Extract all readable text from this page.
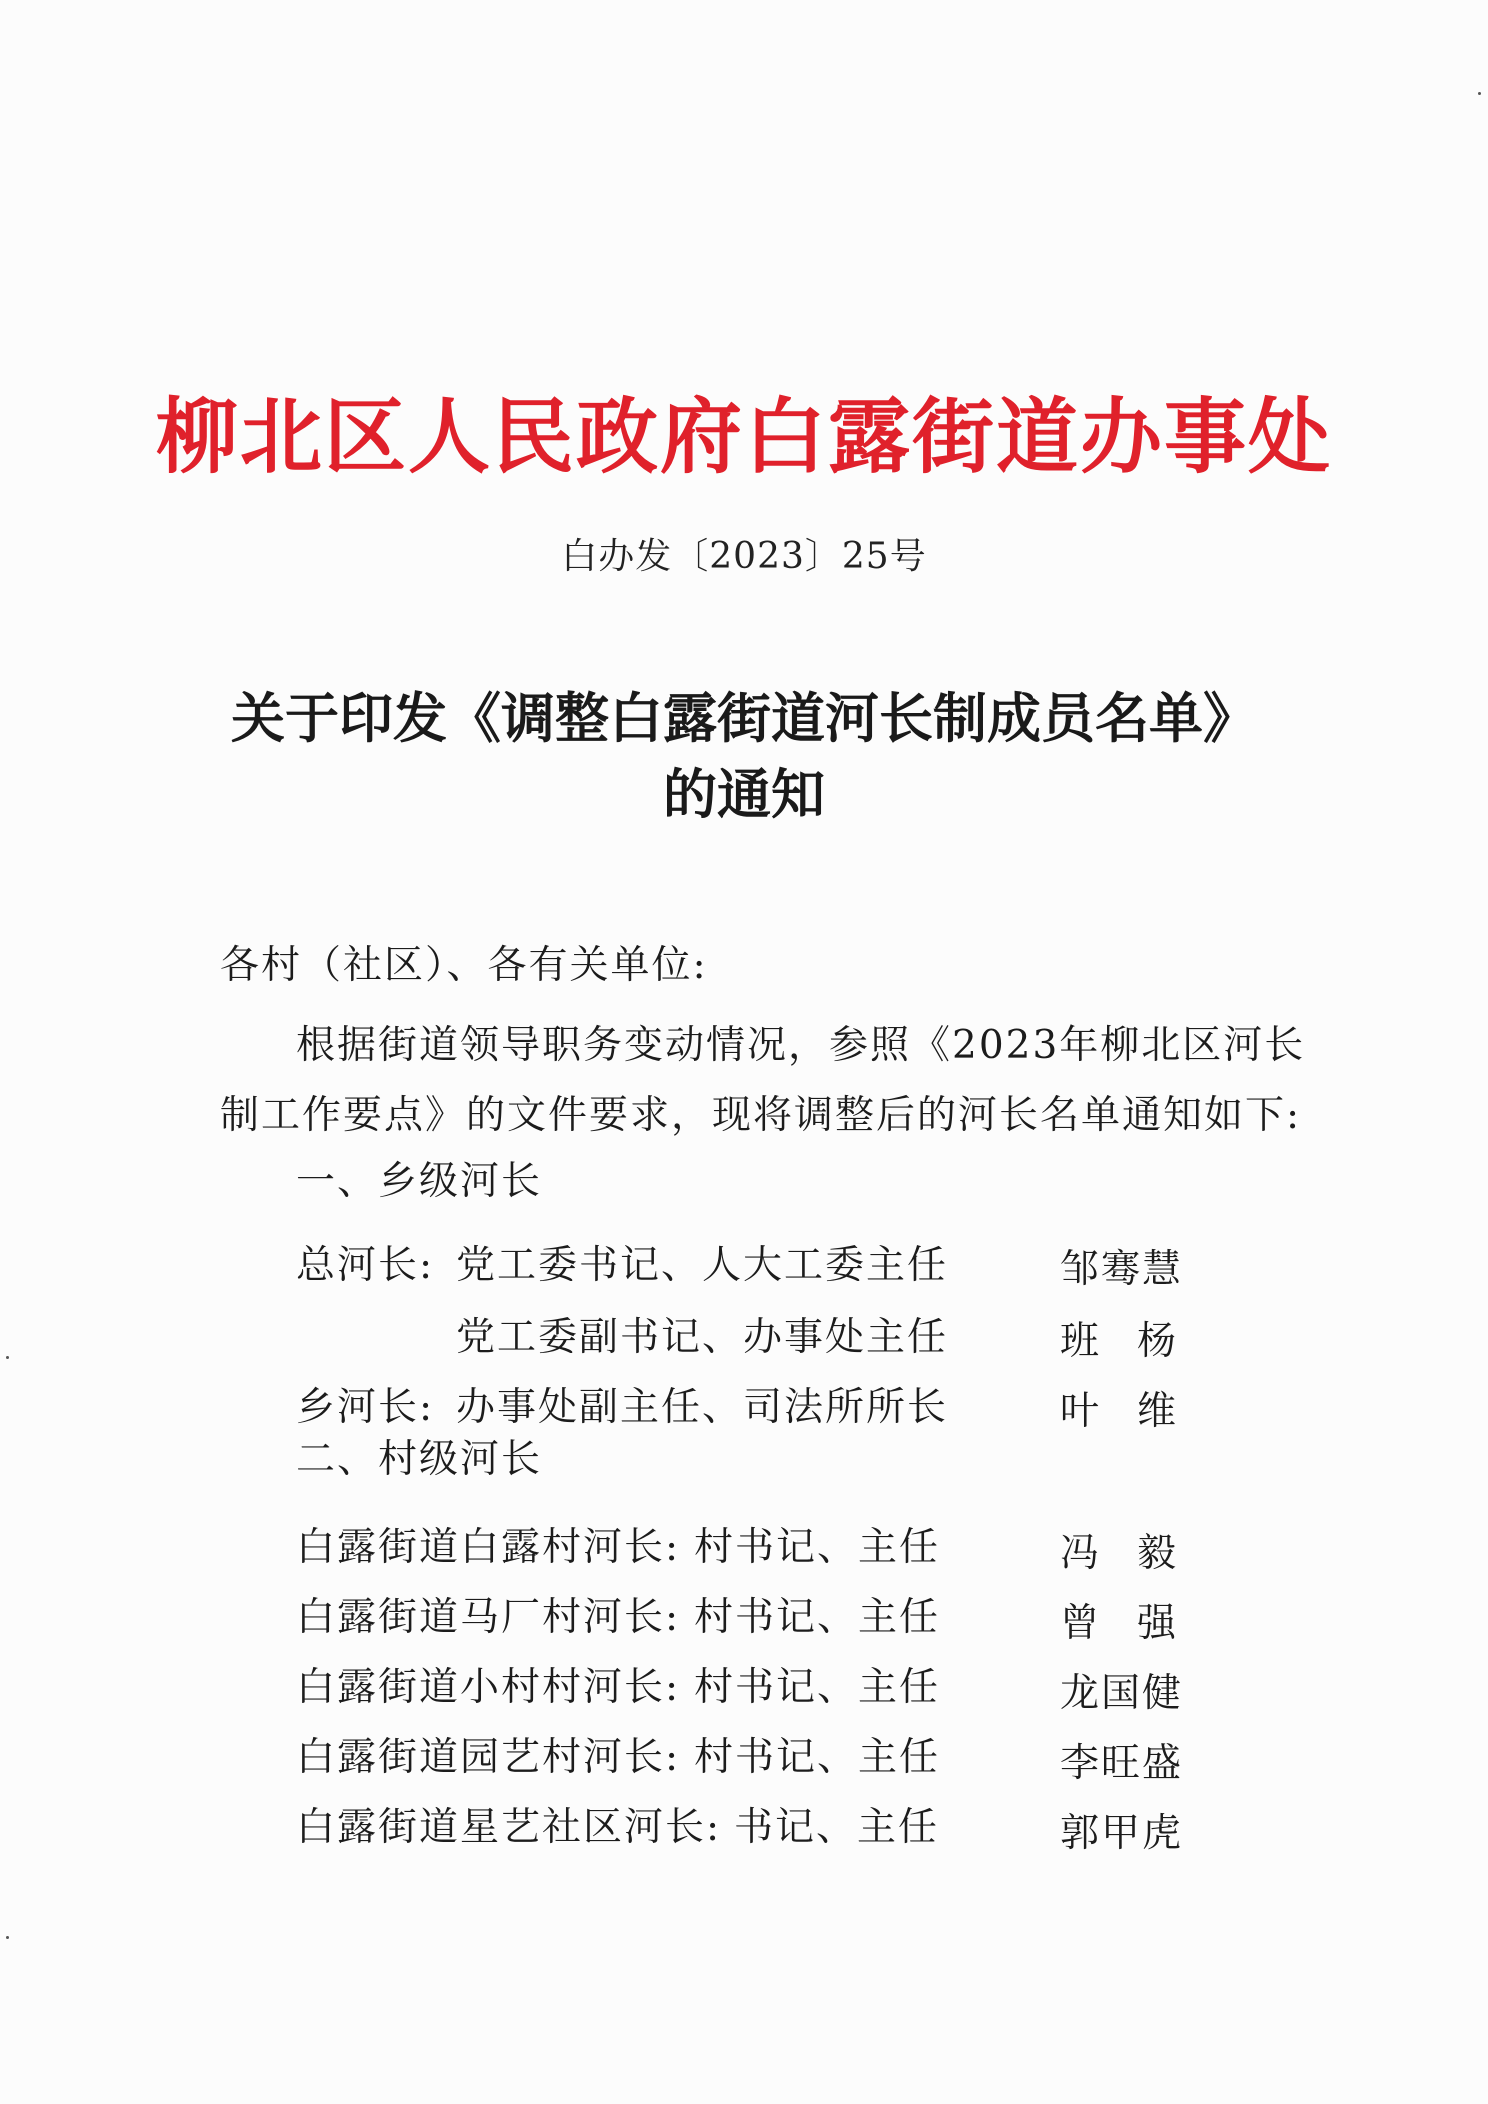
柳北区人民政府白露街道办事处
白办发〔2023〕25号
关于印发《调整白露街道河长制成员名单》
的通知
各村（社区）、各有关单位:
根据街道领导职务变动情况，参照《2023年柳北区河长
制工作要点》的文件要求，现将调整后的河长名单通知如下:
一、乡级河长
总河长: 党工委书记、人大工委主任	邹骞慧
党工委副书记、办事处主任	班杨
乡河长: 办事处副主任、司法所所长	叶维
二、村级河长
白露街道白露村河长: 村书记、主任	冯毅
白露街道马厂村河长: 村书记、主任	曾强
白露街道小村村河长: 村书记、主任	龙国健
白露街道园艺村河长: 村书记、主任	李旺盛
白露街道星艺社区河长: 书记、主任	郭甲虎
